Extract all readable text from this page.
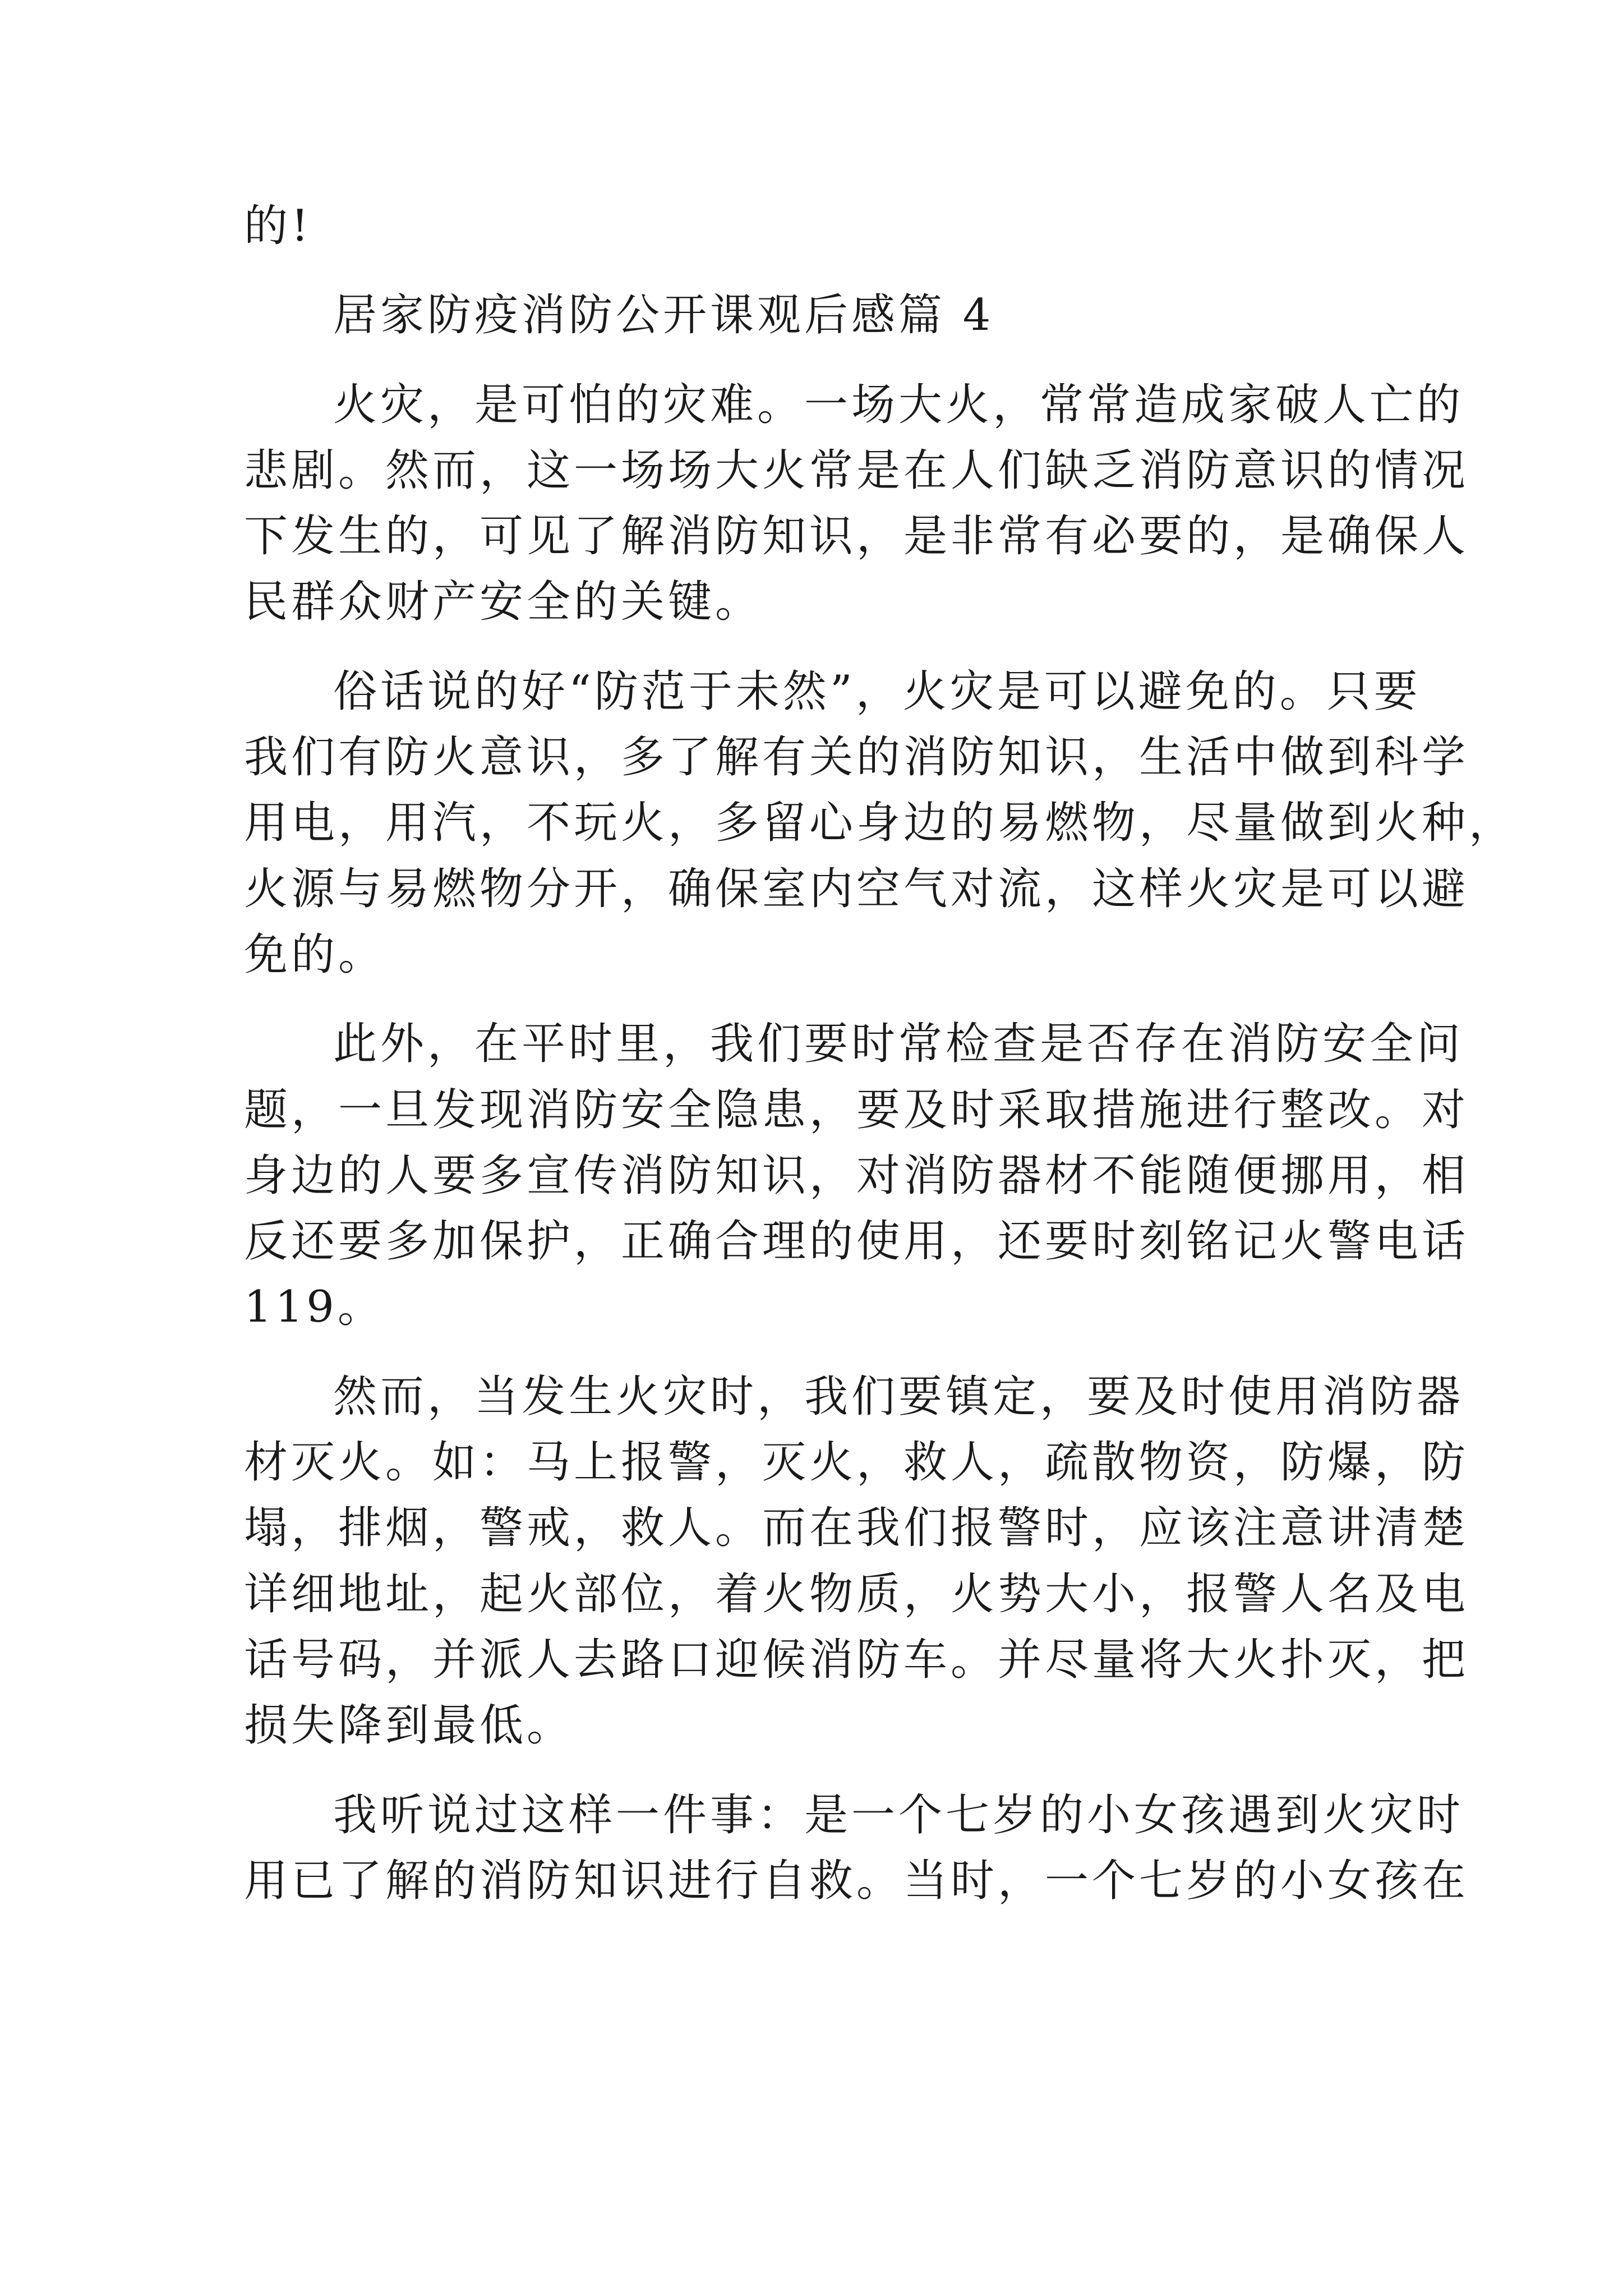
的!
居家防疫消防公开课观后感篇 4
火灾，是可怕的灾难。一场大火，常常造成家破人亡的
悲剧。然而，这一场场大火常是在人们缺乏消防意识的情况
下发生的，可见了解消防知识，是非常有必要的，是确保人
民群众财产安全的关键。
俗话说的好“防范于未然”，火灾是可以避免的。只要
我们有防火意识，多了解有关的消防知识，生活中做到科学
用电，用汽，不玩火，多留心身边的易燃物，尽量做到火种，
火源与易燃物分开，确保室内空气对流，这样火灾是可以避
免的。
此外，在平时里，我们要时常检查是否存在消防安全问
题，一旦发现消防安全隐患，要及时采取措施进行整改。对
身边的人要多宣传消防知识，对消防器材不能随便挪用，相
反还要多加保护，正确合理的使用，还要时刻铭记火警电话
119。
然而，当发生火灾时，我们要镇定，要及时使用消防器
材灭火。如：马上报警，灭火，救人，疏散物资，防爆，防
塌，排烟，警戒，救人。而在我们报警时，应该注意讲清楚
详细地址，起火部位，着火物质，火势大小，报警人名及电
话号码，并派人去路口迎候消防车。并尽量将大火扑灭，把
损失降到最低。
我听说过这样一件事：是一个七岁的小女孩遇到火灾时
用已了解的消防知识进行自救。当时，一个七岁的小女孩在
